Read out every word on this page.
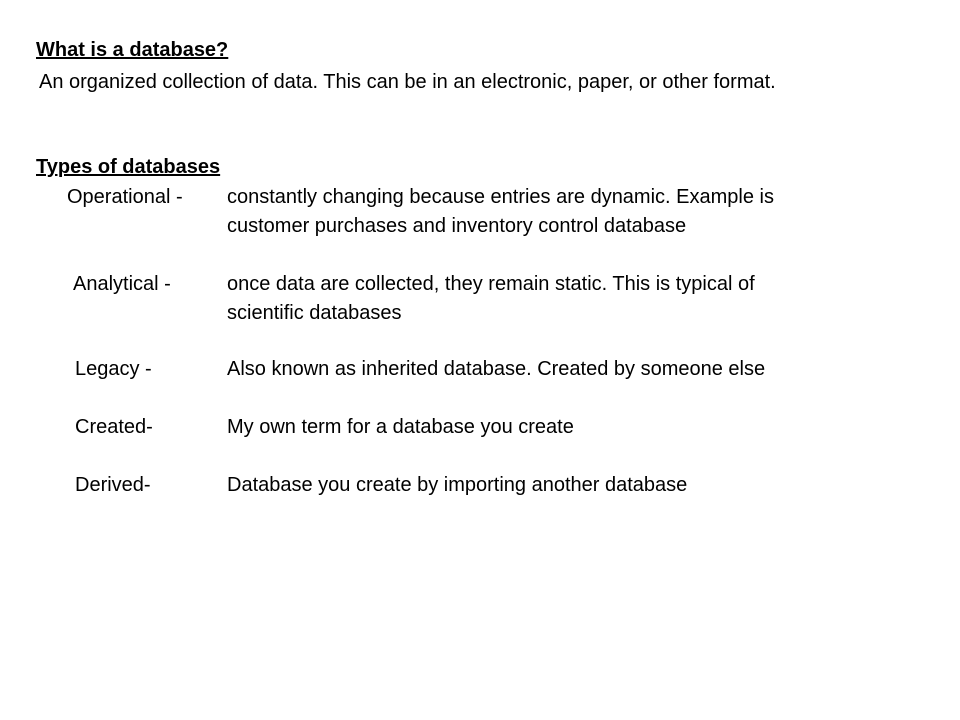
What is a database?
An organized collection of data. This can be in an electronic, paper, or other format.
Types of databases
Operational - constantly changing because entries are dynamic. Example is
customer purchases and inventory control database
Analytical -	once data are collected, they remain static. This is typical of
scientific databases
Legacy -	Also known as inherited database. Created by someone else
Created-	My own term for a database you create
Derived-	Database you create by importing another database
